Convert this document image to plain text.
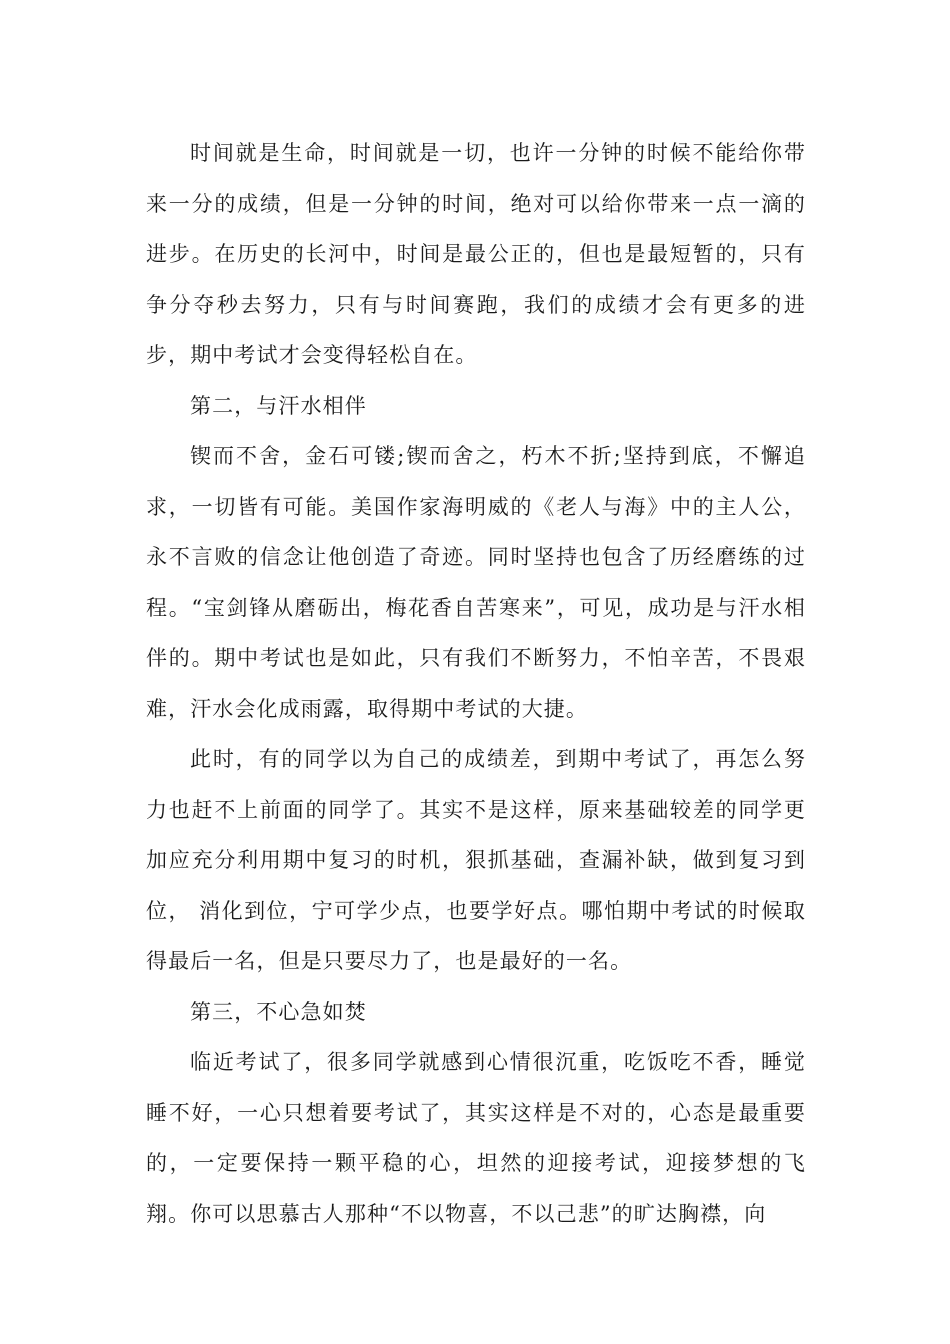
时间就是生命，时间就是一切，也许一分钟的时候不能给你带来一分的成绩，但是一分钟的时间，绝对可以给你带来一点一滴的进步。在历史的长河中，时间是最公正的，但也是最短暂的，只有争分夺秒去努力，只有与时间赛跑，我们的成绩才会有更多的进步，期中考试才会变得轻松自在。

第二，与汗水相伴

锲而不舍，金石可镂;锲而舍之，朽木不折;坚持到底，不懈追求，一切皆有可能。美国作家海明威的《老人与海》中的主人公，永不言败的信念让他创造了奇迹。同时坚持也包含了历经磨练的过程。“宝剑锋从磨砺出，梅花香自苦寒来”，可见，成功是与汗水相伴的。期中考试也是如此，只有我们不断努力，不怕辛苦，不畏艰难，汗水会化成雨露，取得期中考试的大捷。

此时，有的同学以为自己的成绩差，到期中考试了，再怎么努力也赶不上前面的同学了。其实不是这样，原来基础较差的同学更加应充分利用期中复习的时机，狠抓基础，查漏补缺，做到复习到位， 消化到位，宁可学少点，也要学好点。哪怕期中考试的时候取得最后一名，但是只要尽力了，也是最好的一名。

第三，不心急如焚

临近考试了，很多同学就感到心情很沉重，吃饭吃不香，睡觉睡不好，一心只想着要考试了，其实这样是不对的，心态是最重要的，一定要保持一颗平稳的心，坦然的迎接考试，迎接梦想的飞翔。你可以思慕古人那种“不以物喜，不以己悲”的旷达胸襟，向
